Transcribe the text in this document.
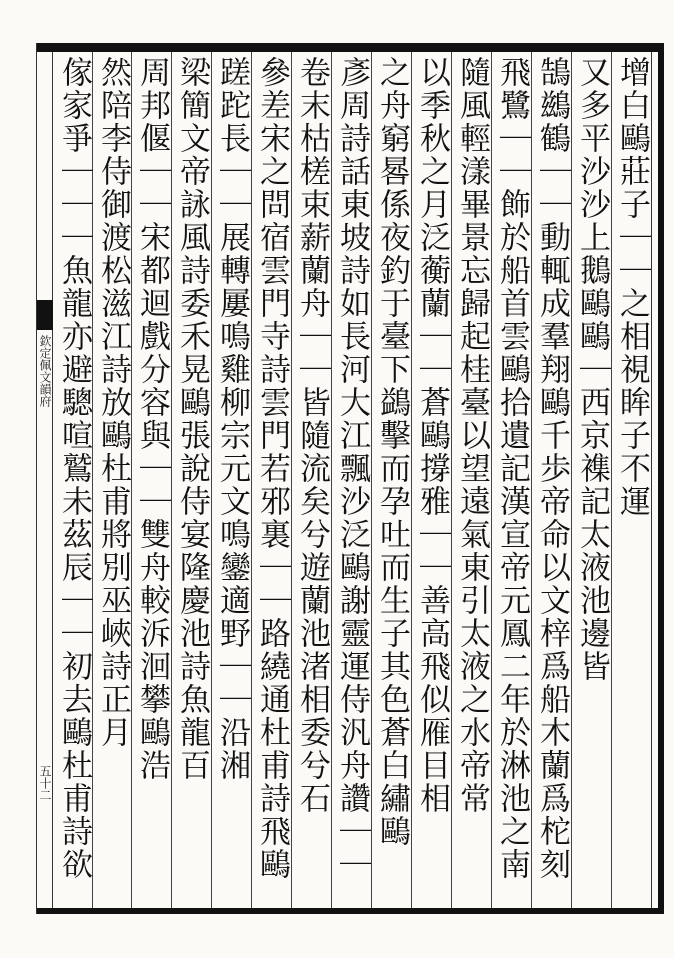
欽定佩文韻府
五十二
增白鷗莊子｜｜之相視眸子不運
又多平沙沙上鵝鷗鷗｜西京襍記太液池邊皆
鵠鷀鶴｜｜動輒成羣翔鷗千歩帝命以文梓爲船木蘭爲柁刻
飛鷺｜｜飾於船首雲鷗拾遺記漢宣帝元鳳二年於淋池之南
隨風輕漾畢景忘歸起桂臺以望遠氣東引太液之水帝常
以季秋之月泛蘅蘭｜｜蒼鷗撐雅｜｜善高飛似雁目相
之舟窮晷係夜釣于臺下鷁擊而孕吐而生子其色蒼白繡鷗
彥周詩話東坡詩如長河大江飄沙泛鷗謝靈運侍汎舟讚｜｜
卷末枯槎束薪蘭舟｜｜皆隨流矣兮遊蘭池渚相委兮石
參差宋之問宿雲門寺詩雲門若邪裏｜｜路繞通杜甫詩飛鷗
蹉跎長｜｜展轉屢鳴雞柳宗元文鳴鑾適野｜｜沿湘
梁簡文帝詠風詩委禾晃鷗張說侍宴隆慶池詩魚龍百
周邦偃｜｜宋都迴戲分容與｜｜雙舟較泝洄攀鷗浩
然陪李侍御渡松滋江詩放鷗杜甫將別巫峽詩正月
傢家爭｜｜｜魚龍亦避驄喧鷲未茲辰｜｜初去鷗杜甫詩欲
